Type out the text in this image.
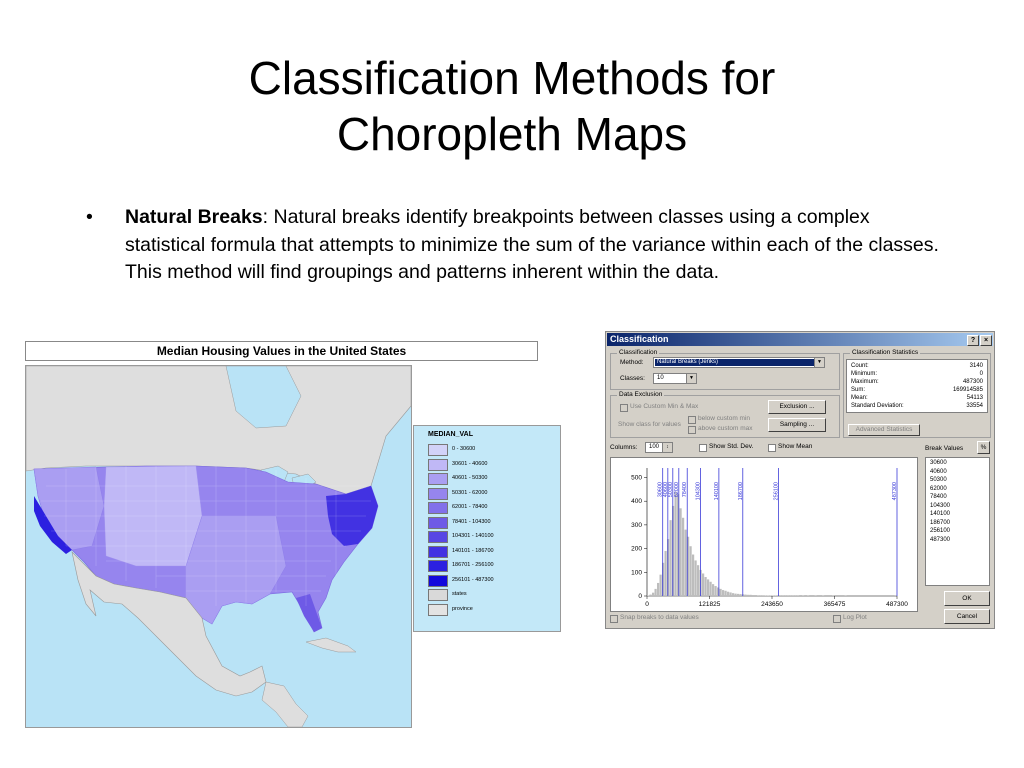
Classification Methods for
Choropleth Maps
• Natural Breaks: Natural breaks identify breakpoints between classes using a complex statistical formula that attempts to minimize the sum of the variance within each of the classes. This method will find groupings and patterns inherent within the data.
Median Housing Values in the United States
MEDIAN_VAL
0 - 30600
30601 - 40600
40601 - 50300
50301 - 62000
62001 - 78400
78401 - 104300
104301 - 140100
140101 - 186700
186701 - 256100
256101 - 487300
states
province
Classification	?	×
Classification
Method:	Natural Breaks (Jenks)	▼
Classes: 10	▼
Data Exclusion
Use Custom Min & Max
Show class for values
below custom min
above custom max
Exclusion ...
Sampling ...
Classification Statistics
Count:	3140
Minimum:	0
Maximum:	487300
Sum:	169914585
Mean:	54113
Standard Deviation:	33554
Advanced Statistics
Columns: 100	↕	Show Std. Dev.	Show Mean	Break Values	%
30600 40600
50300 62000 78400 104300 140100	186700	256100	487300
0
100
200
300
400
500
0	121825	243650	365475	487300
30600
40600
50300
62000
78400
104300
140100
186700
256100
487300
OK
Cancel
Snap breaks to data values	Log Plot
